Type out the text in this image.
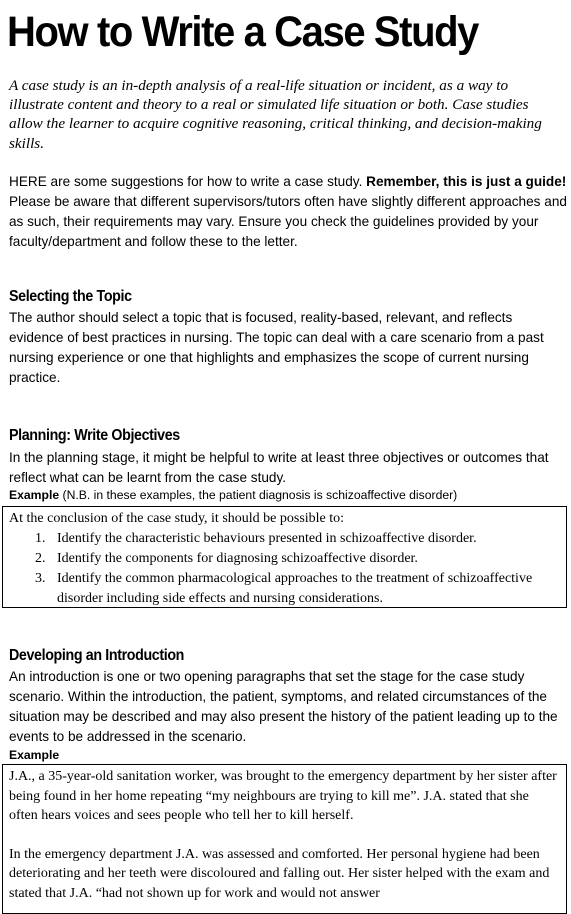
How to Write a Case Study

A case study is an in-depth analysis of a real-life situation or incident, as a way to illustrate content and theory to a real or simulated life situation or both. Case studies allow the learner to acquire cognitive reasoning, critical thinking, and decision-making skills.

HERE are some suggestions for how to write a case study. Remember, this is just a guide! Please be aware that different supervisors/tutors often have slightly different approaches and as such, their requirements may vary. Ensure you check the guidelines provided by your faculty/department and follow these to the letter.

Selecting the Topic

The author should select a topic that is focused, reality-based, relevant, and reflects evidence of best practices in nursing. The topic can deal with a care scenario from a past nursing experience or one that highlights and emphasizes the scope of current nursing practice.

Planning: Write Objectives

In the planning stage, it might be helpful to write at least three objectives or outcomes that reflect what can be learnt from the case study.

Example (N.B. in these examples, the patient diagnosis is schizoaffective disorder)

At the conclusion of the case study, it should be possible to:
1. Identify the characteristic behaviours presented in schizoaffective disorder.
2. Identify the components for diagnosing schizoaffective disorder.
3. Identify the common pharmacological approaches to the treatment of schizoaffective disorder including side effects and nursing considerations.
Developing an Introduction

An introduction is one or two opening paragraphs that set the stage for the case study scenario. Within the introduction, the patient, symptoms, and related circumstances of the situation may be described and may also present the history of the patient leading up to the events to be addressed in the scenario.

Example

J.A., a 35-year-old sanitation worker, was brought to the emergency department by her sister after being found in her home repeating “my neighbours are trying to kill me”. J.A. stated that she often hears voices and sees people who tell her to kill herself.

In the emergency department J.A. was assessed and comforted. Her personal hygiene had been deteriorating and her teeth were discoloured and falling out. Her sister helped with the exam and stated that J.A. “had not shown up for work and would not answer
